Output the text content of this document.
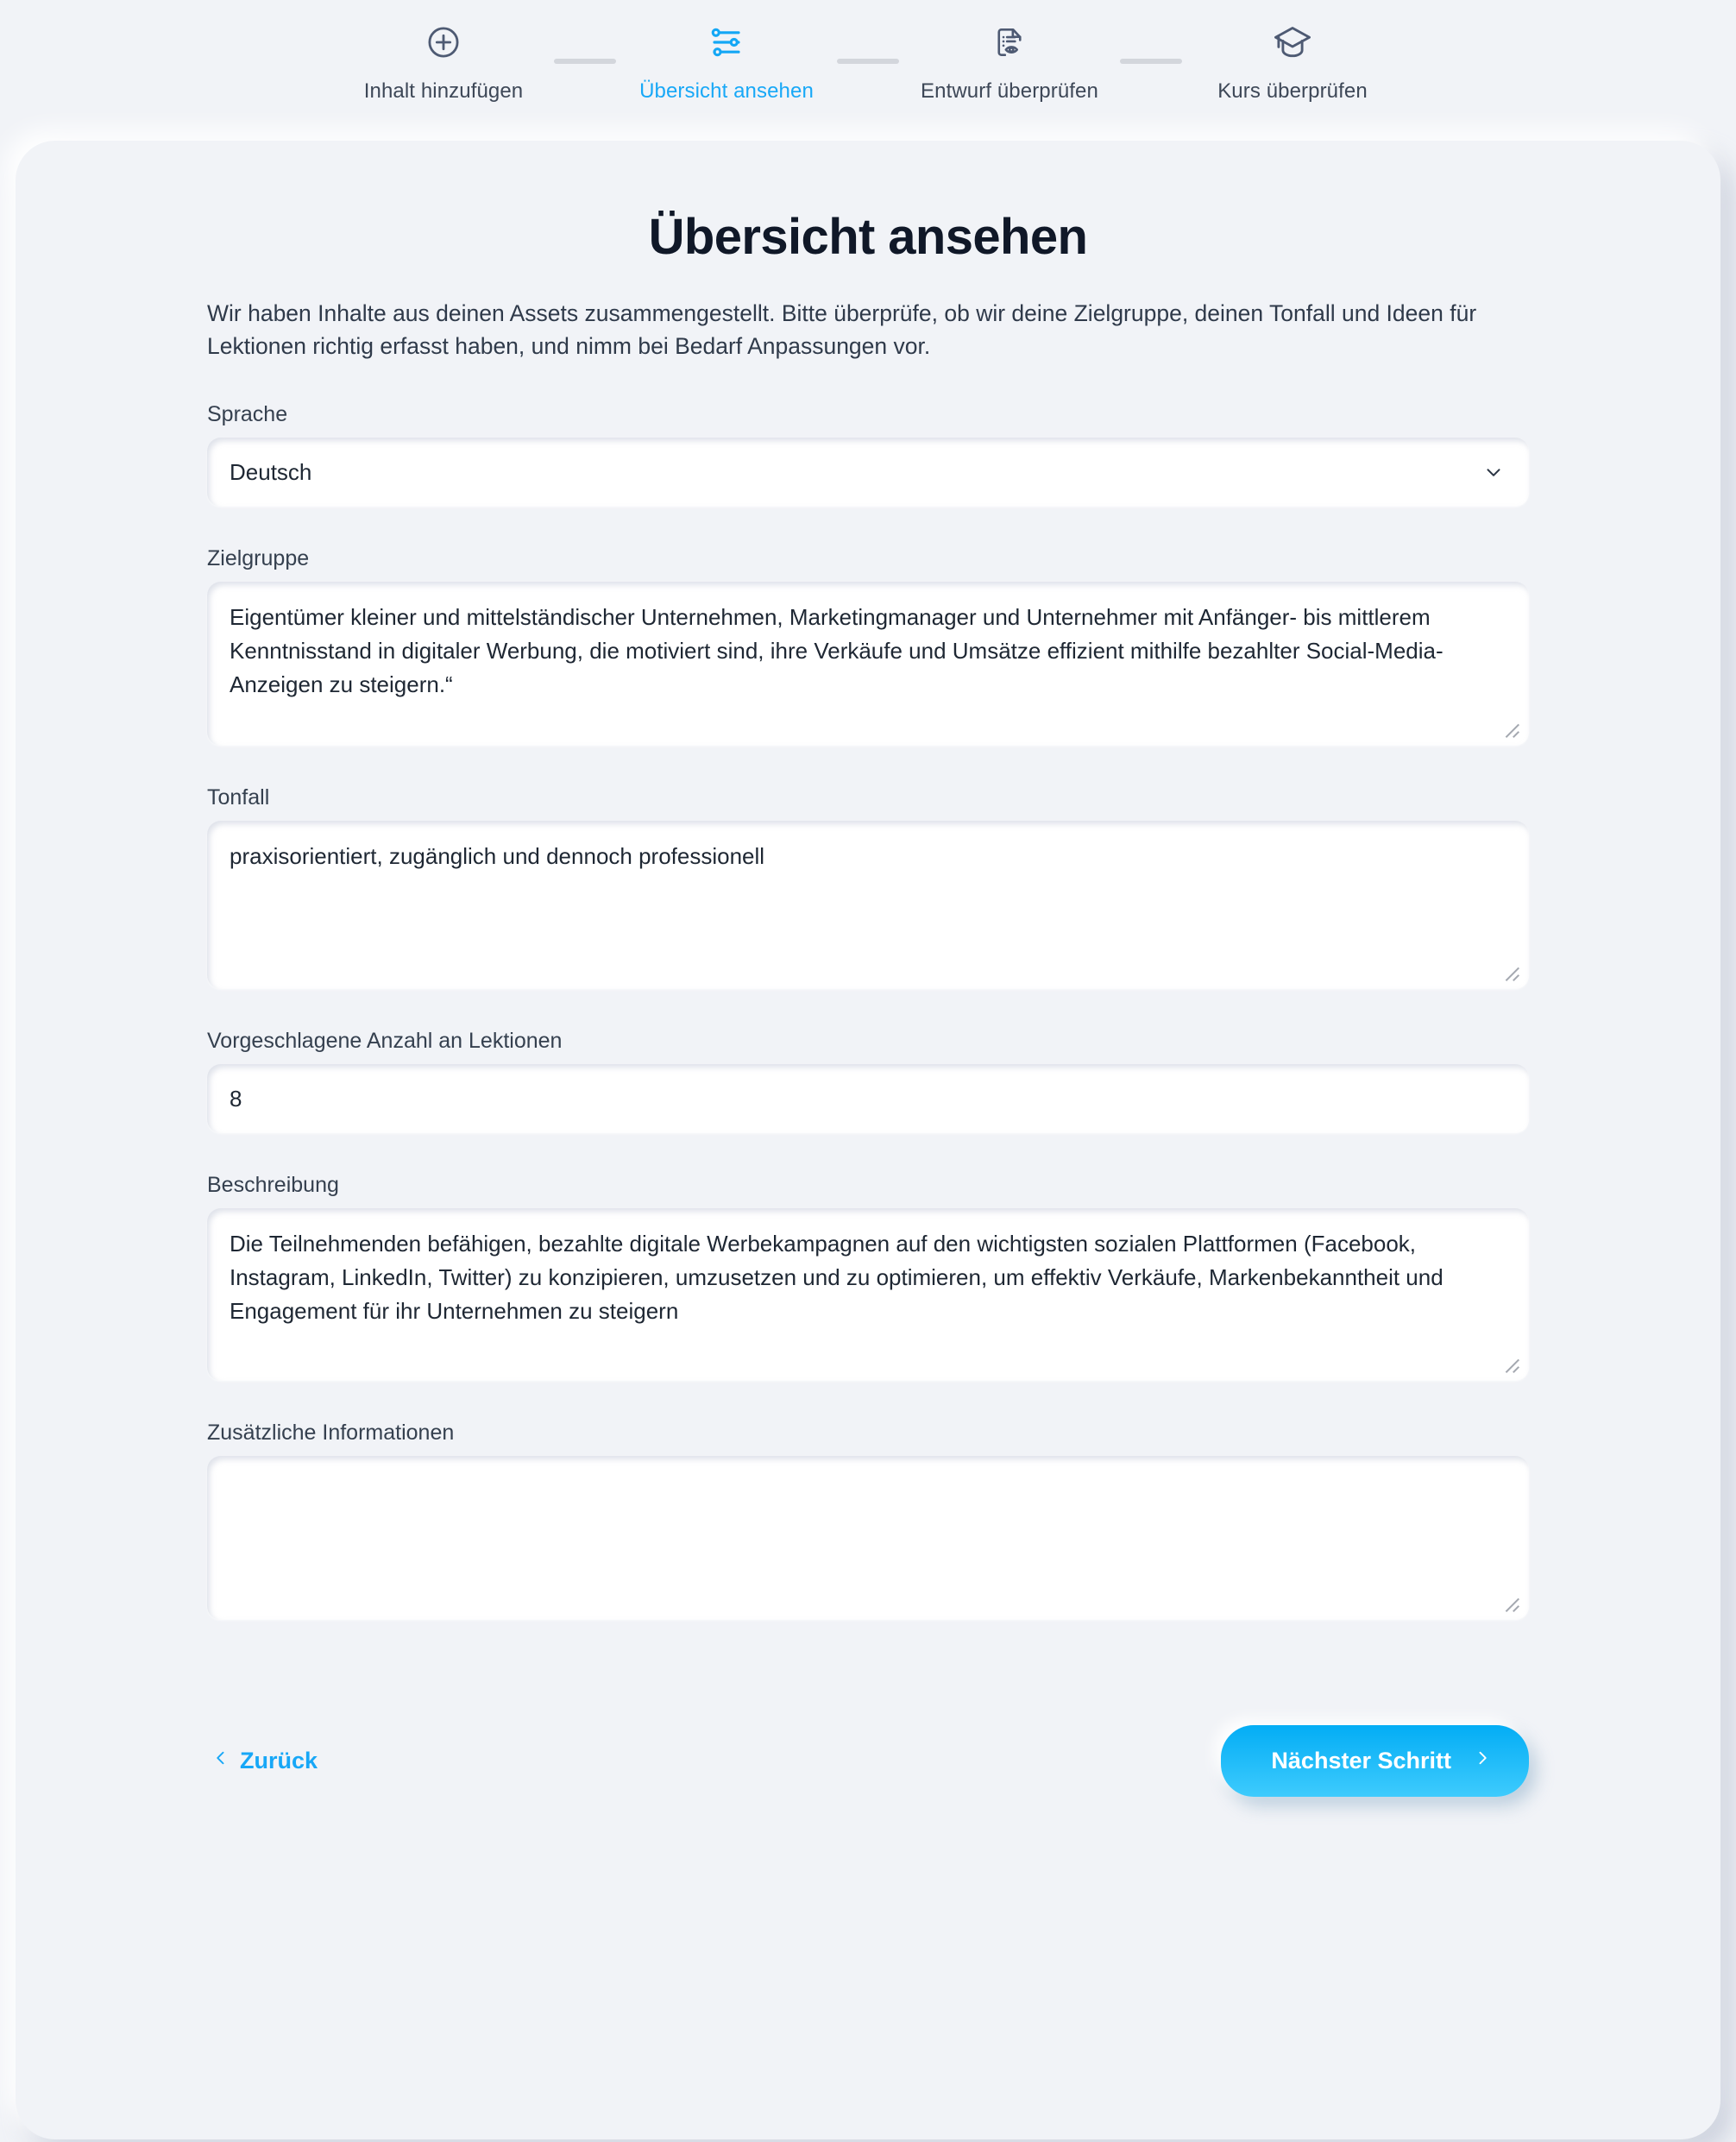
Inhalt hinzufügen	Übersicht ansehen	Entwurf überprüfen	Kurs überprüfen
Übersicht ansehen

Wir haben Inhalte aus deinen Assets zusammengestellt. Bitte überprüfe, ob wir deine Zielgruppe, deinen Tonfall und Ideen für Lektionen richtig erfasst haben, und nimm bei Bedarf Anpassungen vor.

Sprache
Deutsch
Zielgruppe
Eigentümer kleiner und mittelständischer Unternehmen, Marketingmanager und Unternehmer mit Anfänger- bis mittlerem Kenntnisstand in digitaler Werbung, die motiviert sind, ihre Verkäufe und Umsätze effizient mithilfe bezahlter Social-Media-Anzeigen zu steigern.“
Tonfall
praxisorientiert, zugänglich und dennoch professionell
Vorgeschlagene Anzahl an Lektionen
8
Beschreibung
Die Teilnehmenden befähigen, bezahlte digitale Werbekampagnen auf den wichtigsten sozialen Plattformen (Facebook, Instagram, LinkedIn, Twitter) zu konzipieren, umzusetzen und zu optimieren, um effektiv Verkäufe, Markenbekanntheit und Engagement für ihr Unternehmen zu steigern
Zusätzliche Informationen
Zurück	Nächster Schritt
